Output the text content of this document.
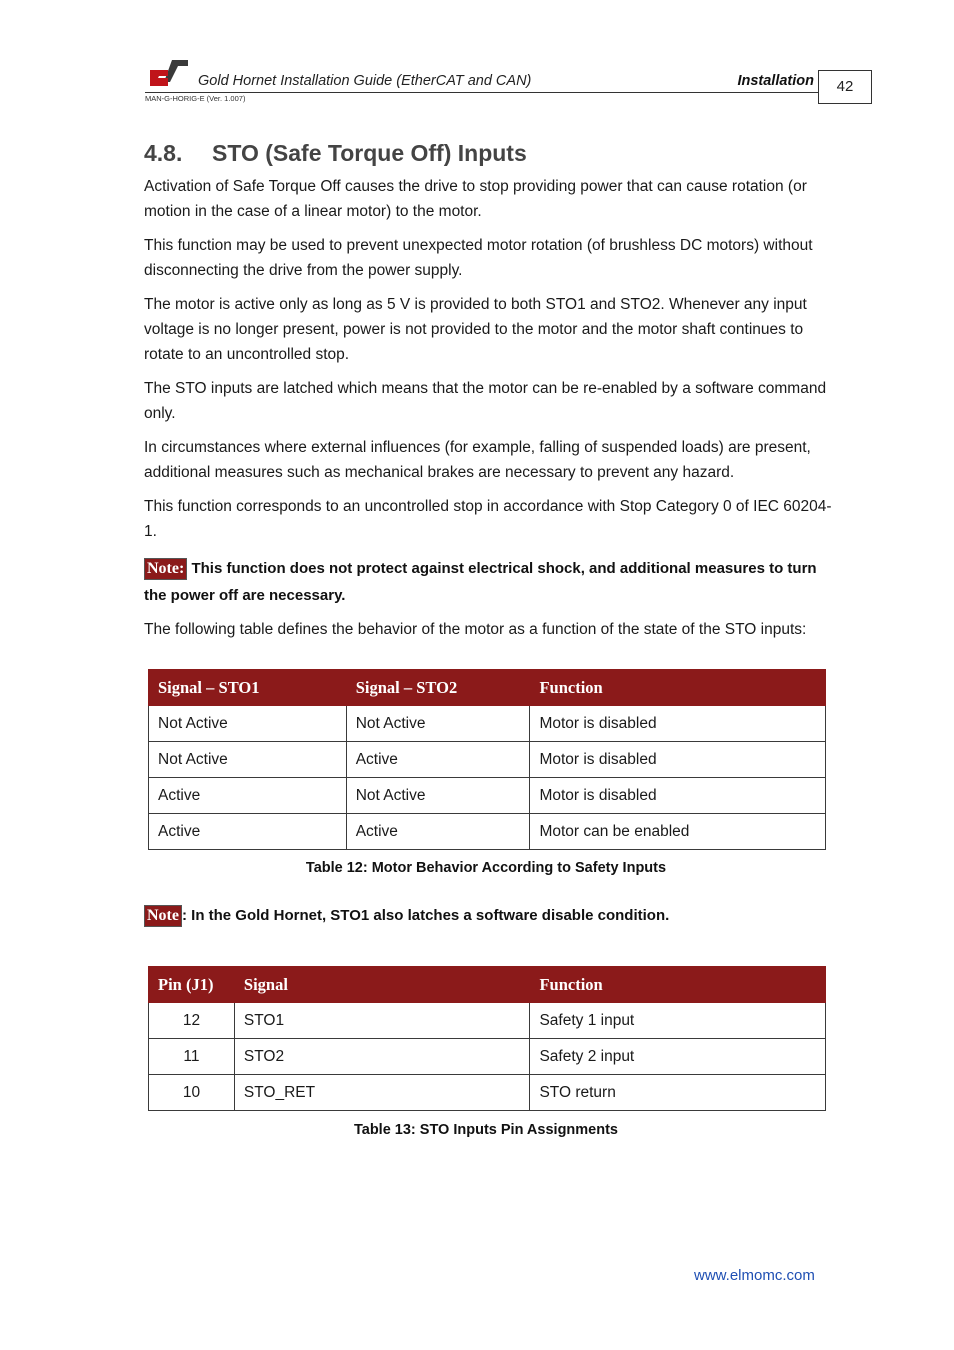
Gold Hornet Installation Guide (EtherCAT and CAN)	Installation
MAN-G-HORIG-E (Ver. 1.007)
42
4.8. STO (Safe Torque Off) Inputs
Activation of Safe Torque Off causes the drive to stop providing power that can cause rotation (or motion in the case of a linear motor) to the motor.
This function may be used to prevent unexpected motor rotation (of brushless DC motors) without disconnecting the drive from the power supply.
The motor is active only as long as 5 V is provided to both STO1 and STO2. Whenever any input voltage is no longer present, power is not provided to the motor and the motor shaft continues to rotate to an uncontrolled stop.
The STO inputs are latched which means that the motor can be re-enabled by a software command only.
In circumstances where external influences (for example, falling of suspended loads) are present, additional measures such as mechanical brakes are necessary to prevent any hazard.
This function corresponds to an uncontrolled stop in accordance with Stop Category 0 of IEC 60204-1.
Note: This function does not protect against electrical shock, and additional measures to turn the power off are necessary.
The following table defines the behavior of the motor as a function of the state of the STO inputs:
Signal – STO1	Signal – STO2	Function
Not Active	Not Active	Motor is disabled
Not Active	Active	Motor is disabled
Active	Not Active	Motor is disabled
Active	Active	Motor can be enabled
Table 12: Motor Behavior According to Safety Inputs
Note : In the Gold Hornet, STO1 also latches a software disable condition.
Pin (J1)	Signal	Function
12	STO1	Safety 1 input
11	STO2	Safety 2 input
10	STO_RET	STO return
Table 13: STO Inputs Pin Assignments
www.elmomc.com
